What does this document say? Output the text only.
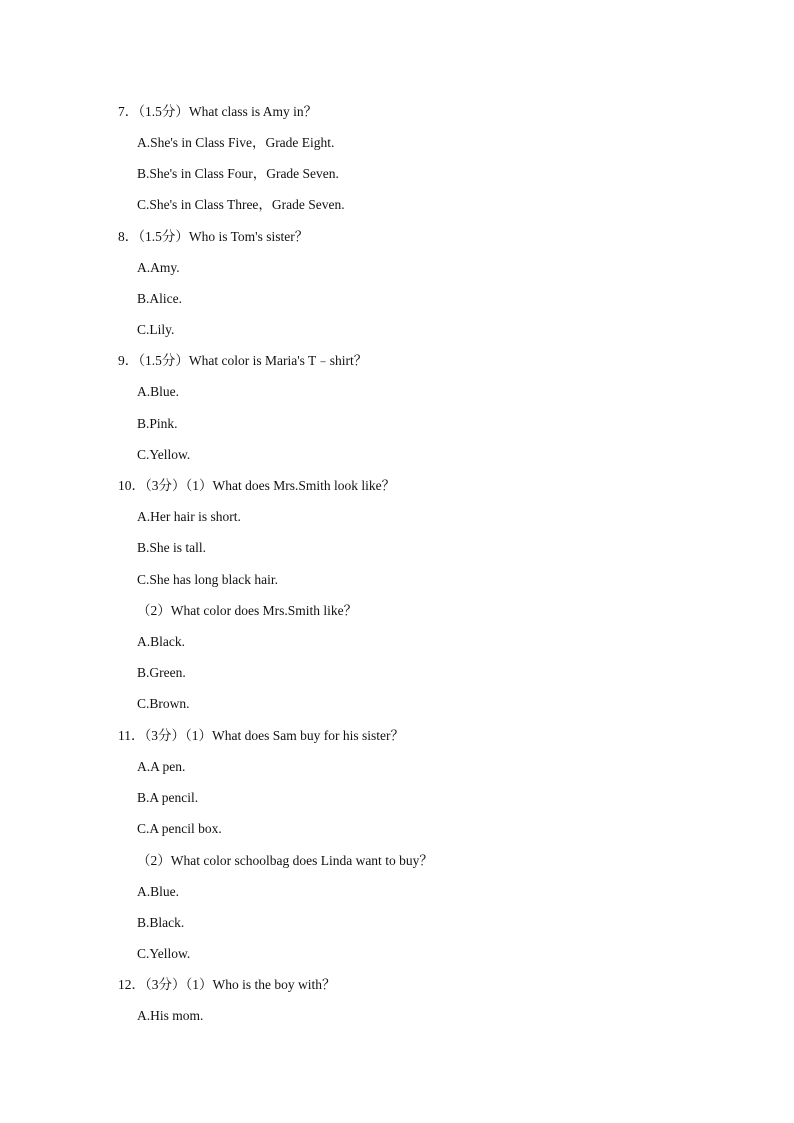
7．（1.5分）What class is Amy in？
A.She's in Class Five，Grade Eight.
B.She's in Class Four，Grade Seven.
C.She's in Class Three，Grade Seven.
8．（1.5分）Who is Tom's sister？
A.Amy.
B.Alice.
C.Lily.
9．（1.5分）What color is Maria's T﹣shirt？
A.Blue.
B.Pink.
C.Yellow.
10．（3分）（1）What does Mrs.Smith look like？
A.Her hair is short.
B.She is tall.
C.She has long black hair.
（2）What color does Mrs.Smith like？
A.Black.
B.Green.
C.Brown.
11．（3分）（1）What does Sam buy for his sister？
A.A pen.
B.A pencil.
C.A pencil box.
（2）What color schoolbag does Linda want to buy？
A.Blue.
B.Black.
C.Yellow.
12．（3分）（1）Who is the boy with？
A.His mom.
